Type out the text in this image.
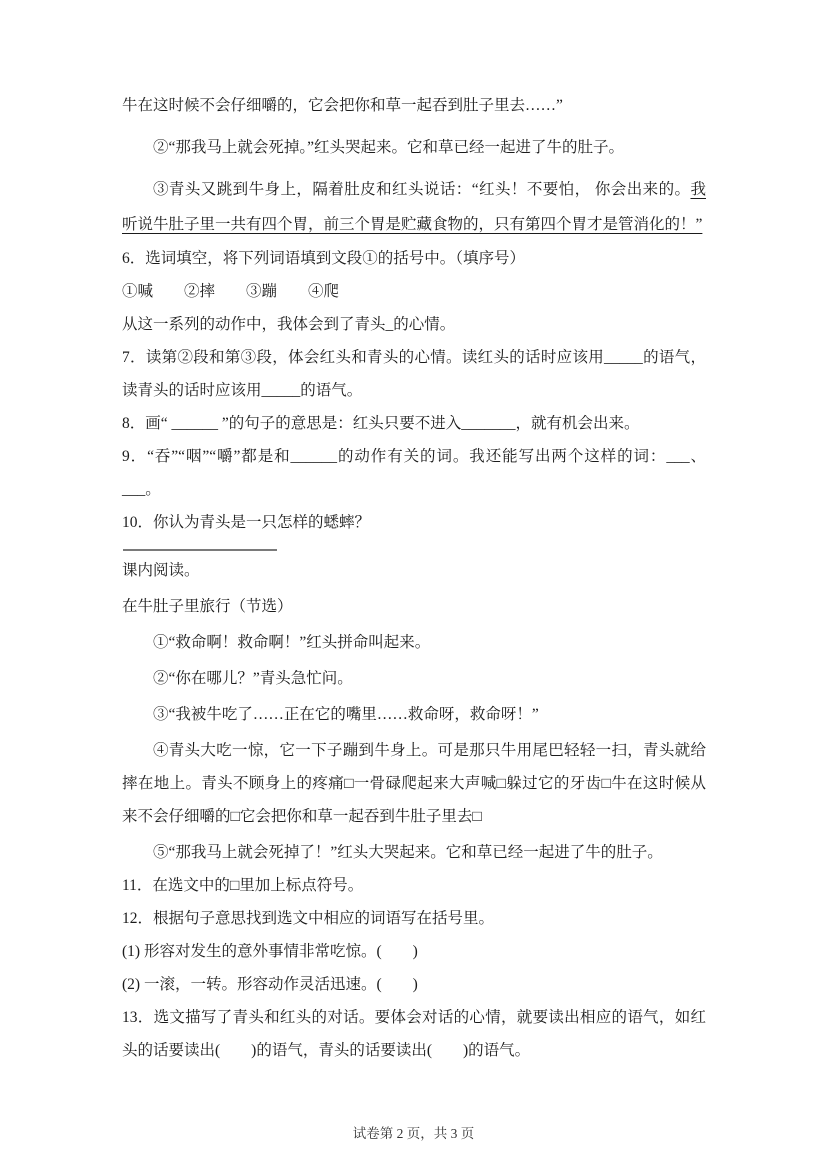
牛在这时候不会仔细嚼的，它会把你和草一起吞到肚子里去……”

②“那我马上就会死掉。”红头哭起来。它和草已经一起进了牛的肚子。

③青头又跳到牛身上，隔着肚皮和红头说话：“红头！不要怕， 你会出来的。我听说牛肚子里一共有四个胃，前三个胃是贮藏食物的，只有第四个胃才是管消化的！”

6．选词填空，将下列词语填到文段①的括号中。（填序号）

①喊　　②摔　　③蹦　　④爬

从这一系列的动作中，我体会到了青头_的心情。

7．读第②段和第③段，体会红头和青头的心情。读红头的话时应该用_____的语气，读青头的话时应该用_____的语气。

8．画“ ______ ”的句子的意思是：红头只要不进入_______，就有机会出来。

9．“吞”“咽”“嚼”都是和______的动作有关的词。我还能写出两个这样的词：___、___。

10．你认为青头是一只怎样的蟋蟀？

课内阅读。

在牛肚子里旅行（节选）

①“救命啊！救命啊！”红头拼命叫起来。

②“你在哪儿？”青头急忙问。

③“我被牛吃了……正在它的嘴里……救命呀，救命呀！”

④青头大吃一惊，它一下子蹦到牛身上。可是那只牛用尾巴轻轻一扫，青头就给摔在地上。青头不顾身上的疼痛□一骨碌爬起来大声喊□躲过它的牙齿□牛在这时候从来不会仔细嚼的□它会把你和草一起吞到牛肚子里去□

⑤“那我马上就会死掉了！”红头大哭起来。它和草已经一起进了牛的肚子。

11．在选文中的□里加上标点符号。

12．根据句子意思找到选文中相应的词语写在括号里。

(1) 形容对发生的意外事情非常吃惊。(　　)

(2) 一滚，一转。形容动作灵活迅速。(　　)

13．选文描写了青头和红头的对话。要体会对话的心情，就要读出相应的语气，如红头的话要读出(　　)的语气，青头的话要读出(　　)的语气。

试卷第 2 页，共 3 页
